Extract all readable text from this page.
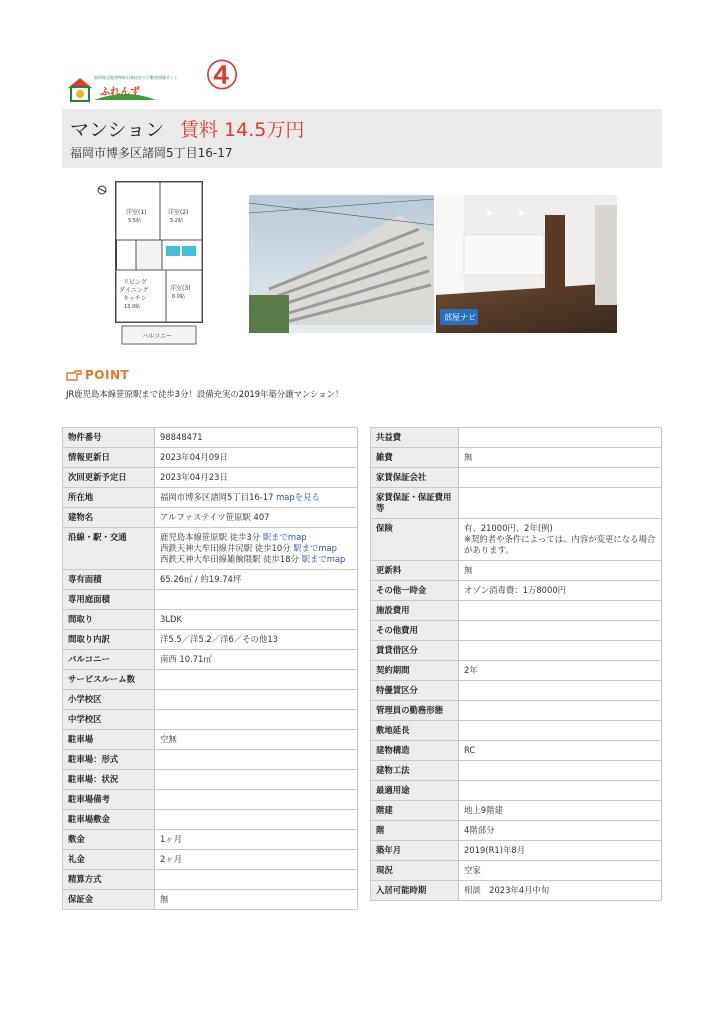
福岡県宅地建物取引業協会の不動産情報サイト
ふれんず ④
マンション 賃料 14.5万円
福岡市博多区諸岡5丁目16-17
洋室(1)
5.5帖
洋室(2)
5.2帖
リビング
ダイニング
キッチン
13.0帖
洋室(3)
6.0帖
バルコニー
部屋ナビ
POINT
JR鹿児島本線笹原駅まで徒歩3分！設備充実の2019年築分譲マンション！
物件番号	98848471
情報更新日	2023年04月09日
次回更新予定日	2023年04月23日
所在地	福岡市博多区諸岡5丁目16-17 mapを見る
建物名	アルファステイツ笹原駅 407
沿線・駅・交通	鹿児島本線笹原駅 徒歩3分 駅までmap
西鉄天神大牟田線井尻駅 徒歩10分 駅までmap
西鉄天神大牟田線雑餉隈駅 徒歩18分 駅までmap

専有面積	65.26㎡ / 約19.74坪
専用庭面積	
間取り	3LDK
間取り内訳	洋5.5／洋5.2／洋6／その他13
バルコニー	南西 10.71㎡
サービスルーム数	
小学校区	
中学校区	
駐車場	空無
駐車場：形式	
駐車場：状況	
駐車場備考	
駐車場敷金	
敷金	1ヶ月
礼金	2ヶ月
精算方式	
保証金	無
共益費	
雑費	無
家賃保証会社	
家賃保証・保証費用等	
保険	有、21000円、2年(例)
※契約者や条件によっては、内容が変更になる場合があります。
更新料	無
その他一時金	オゾン消毒費：1万8000円
施設費用	
その他費用	
賃貸借区分	
契約期間	2年
特優賃区分	
管理員の勤務形態	
敷地延長	
建物構造	RC
建物工法	
最適用途	
階建	地上9階建
階	4階部分
築年月	2019(R1)年8月
現況	空家
入居可能時期	相談　2023年4月中旬
